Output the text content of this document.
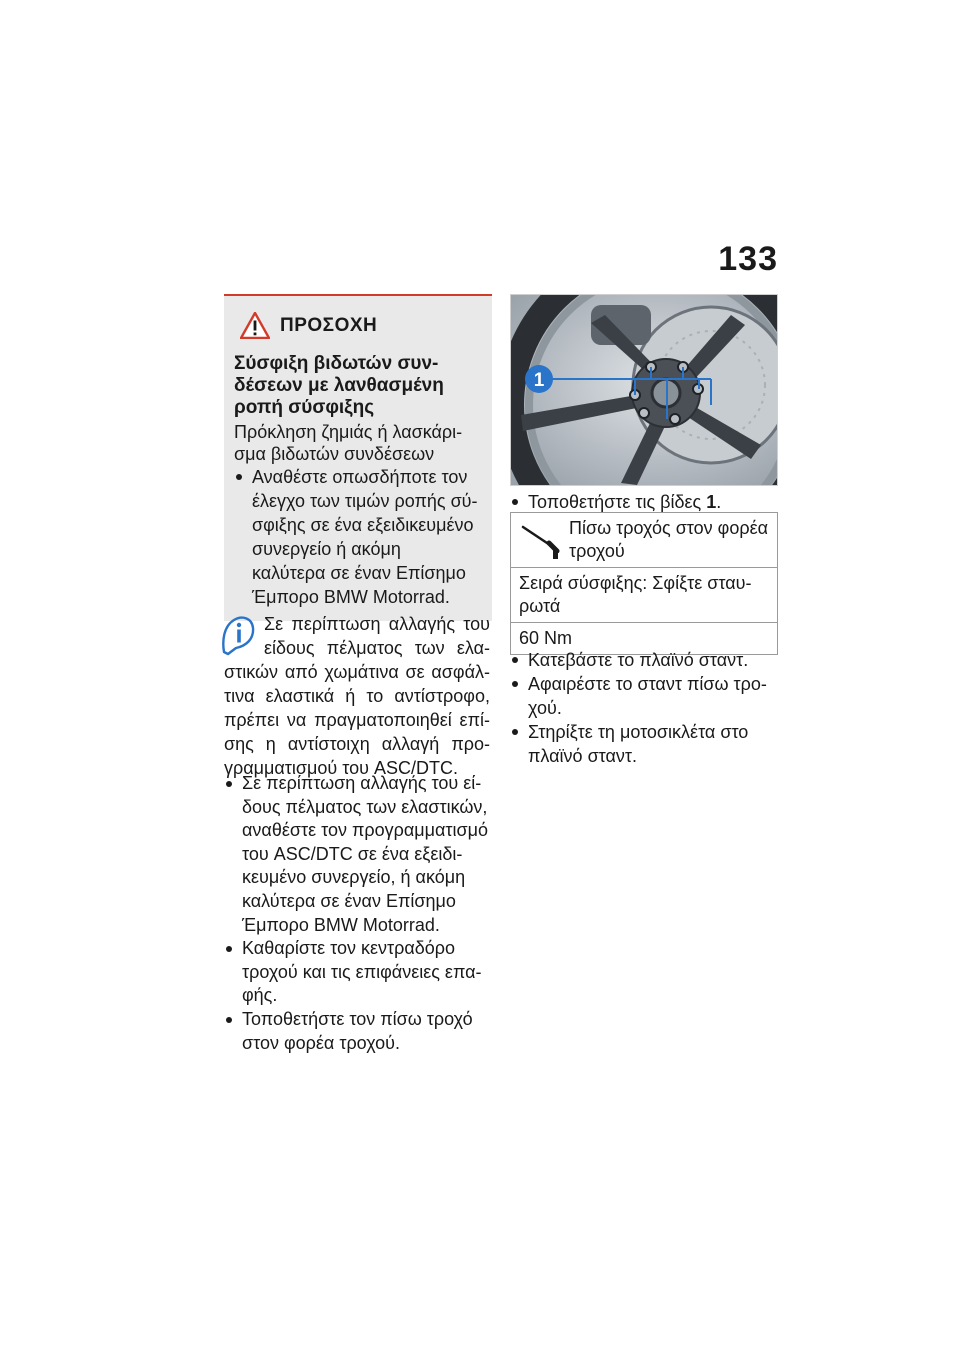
133
ΠΡΟΣΟΧΗ
Σύσφιξη βιδωτών συν-δέσεων με λανθασμένη ροπή σύσφιξης
Πρόκληση ζημιάς ή λασκάρι-σμα βιδωτών συνδέσεων
Αναθέστε οπωσδήποτε τον έλεγχο των τιμών ροπής σύ-σφιξης σε ένα εξειδικευμένο συνεργείο ή ακόμη καλύτερα σε έναν Επίσημο Έμπορο BMW Motorrad.
Σε περίπτωση αλλαγής του είδους πέλματος των ελα-στικών από χωμάτινα σε ασφάλ-τινα ελαστικά ή το αντίστροφο, πρέπει να πραγματοποιηθεί επί-σης η αντίστοιχη αλλαγή προ-γραμματισμού του ASC/DTC.
Σε περίπτωση αλλαγής του εί-δους πέλματος των ελαστικών, αναθέστε τον προγραμματισμό του ASC/DTC σε ένα εξειδι-κευμένο συνεργείο, ή ακόμη καλύτερα σε έναν Επίσημο Έμπορο BMW Motorrad.
Καθαρίστε τον κεντραδόρο τροχού και τις επιφάνειες επα-φής.
Τοποθετήστε τον πίσω τροχό στον φορέα τροχού.
1
Τοποθετήστε τις βίδες 1.
Πίσω τροχός στον φορέα τροχού

Σειρά σύσφιξης: Σφίξτε σταυ-ρωτά
60 Nm
Κατεβάστε το πλαϊνό σταντ.
Αφαιρέστε το σταντ πίσω τρο-χού.
Στηρίξτε τη μοτοσικλέτα στο πλαϊνό σταντ.
